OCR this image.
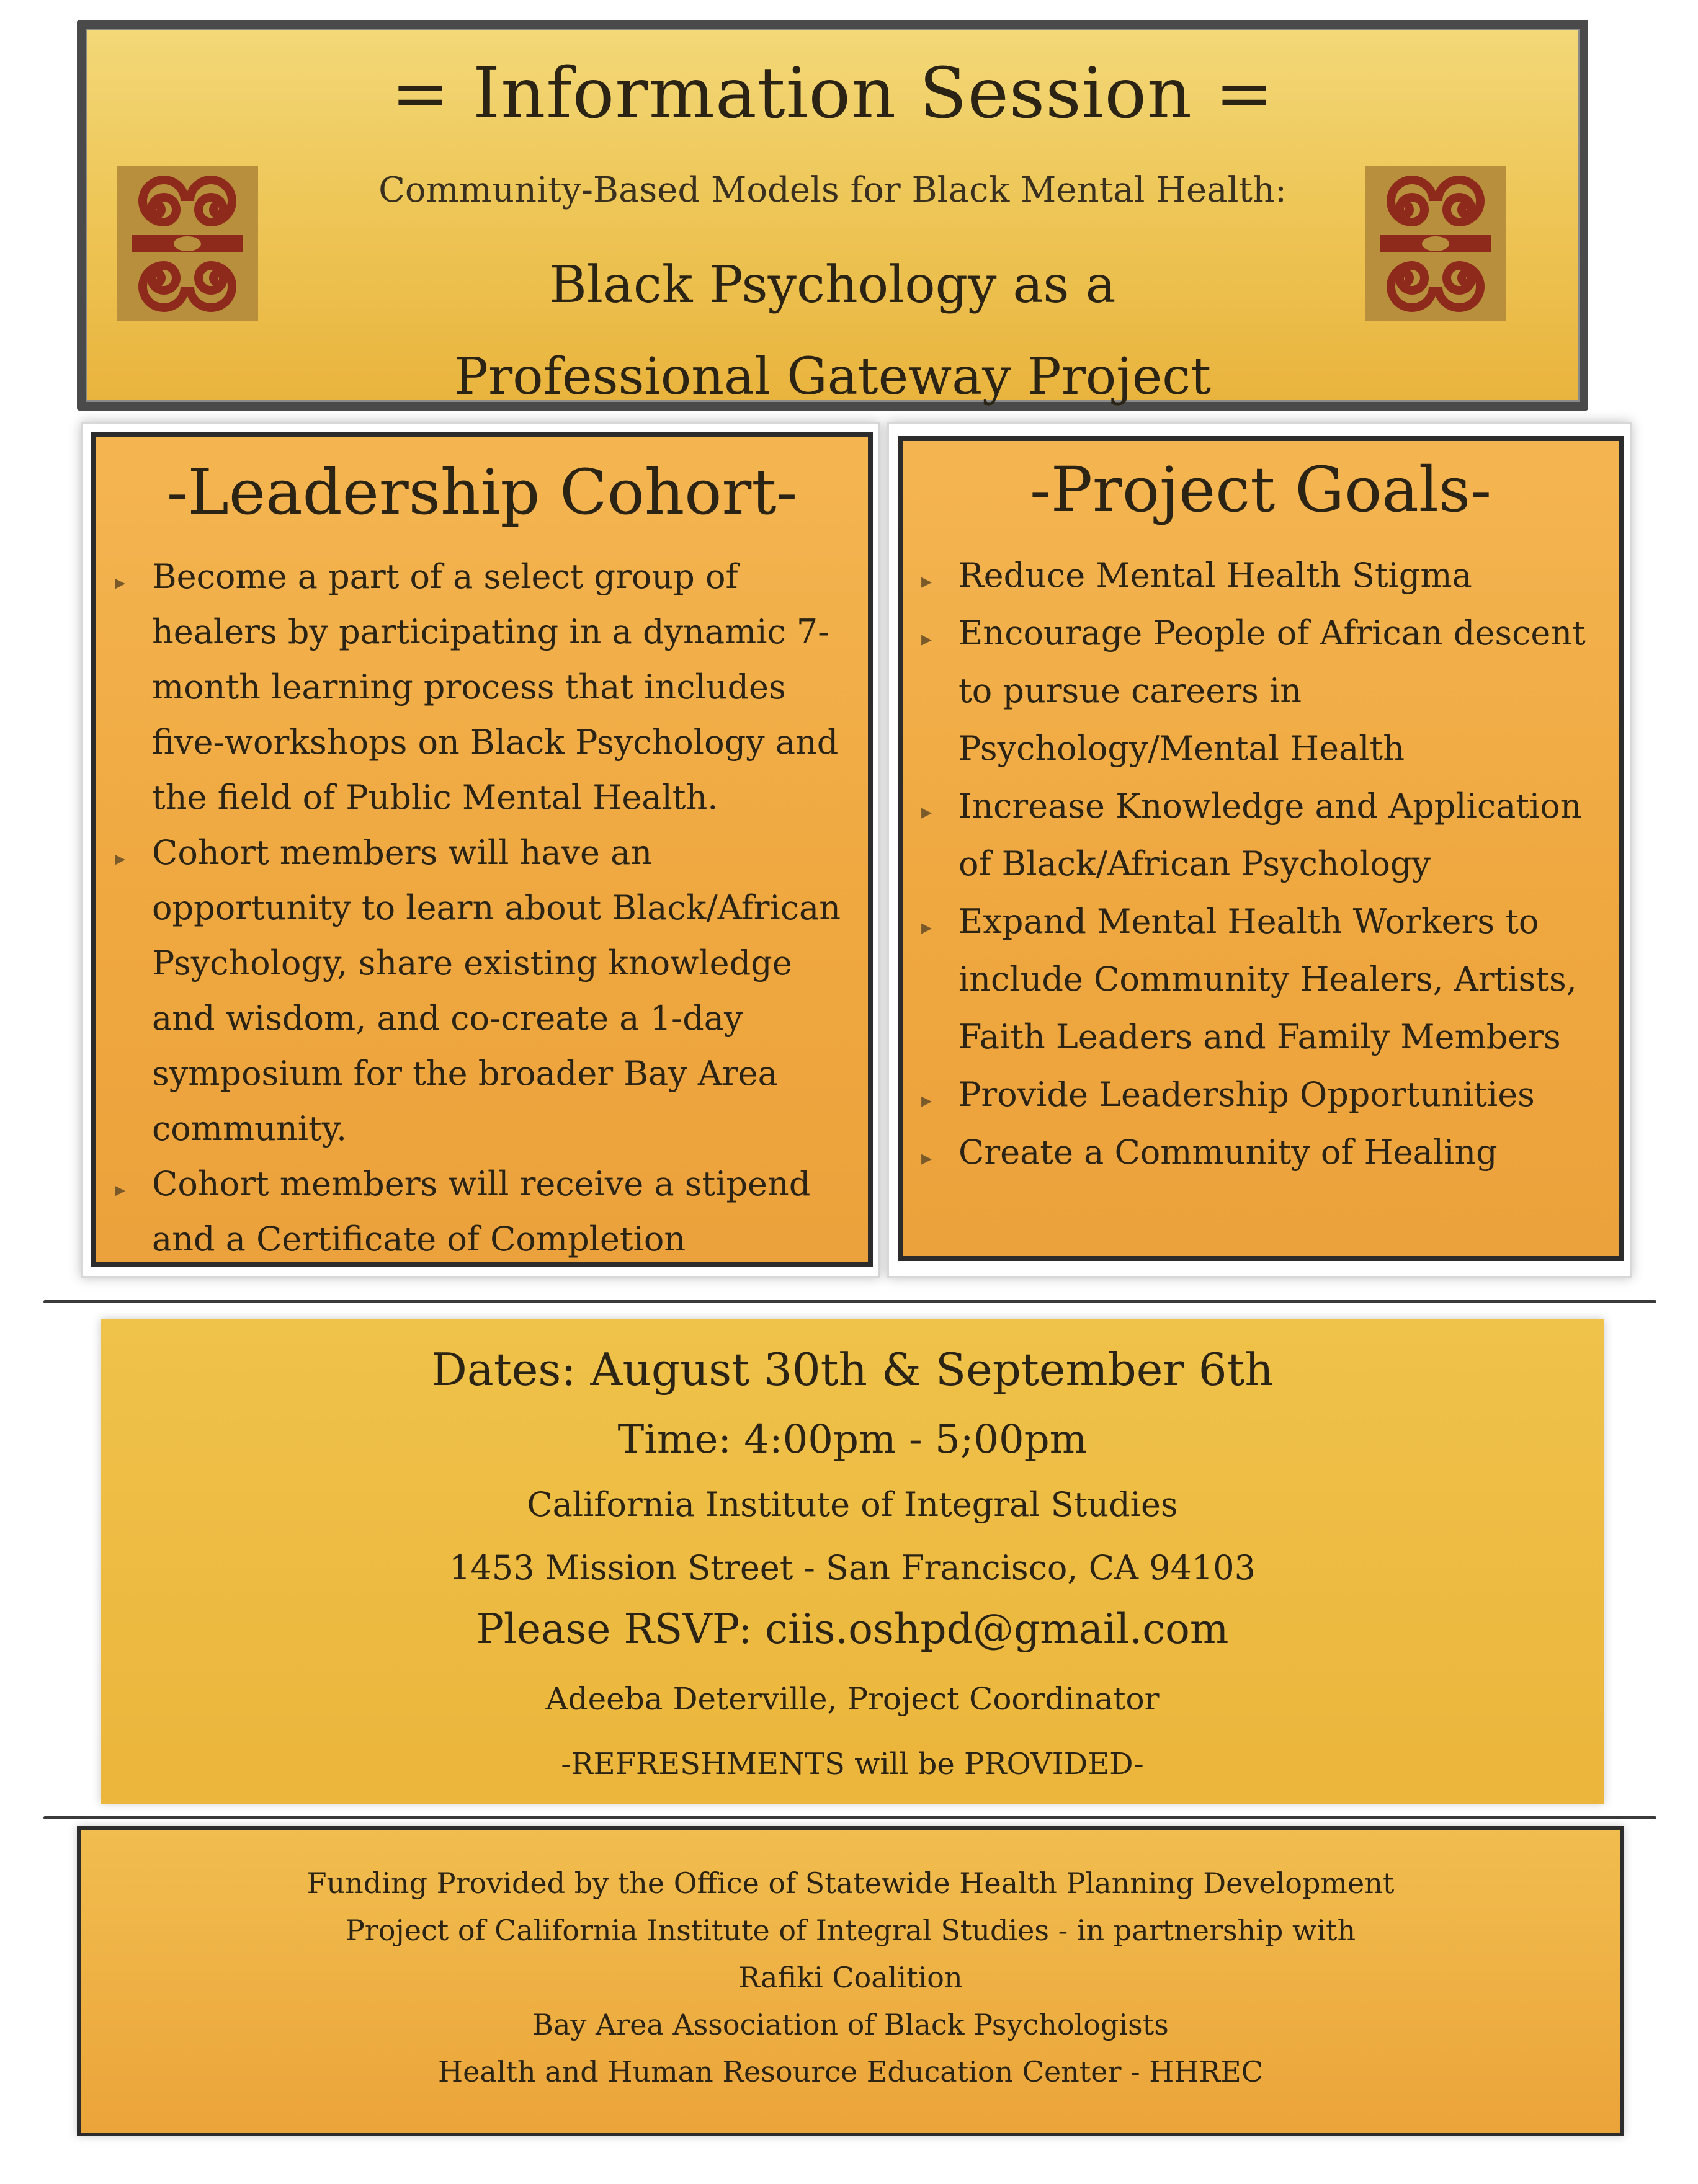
= Information Session =
Community-Based Models for Black Mental Health:
Black Psychology as a
Professional Gateway Project
-Leadership Cohort-
▸ Become a part of a select group of healers by participating in a dynamic 7-month learning process that includes five-workshops on Black Psychology and the field of Public Mental Health.
▸ Cohort members will have an opportunity to learn about Black/African Psychology, share existing knowledge and wisdom, and co-create a 1-day symposium for the broader Bay Area community.
▸ Cohort members will receive a stipend and a Certificate of Completion
-Project Goals-
▸ Reduce Mental Health Stigma
▸ Encourage People of African descent to pursue careers in Psychology/Mental Health
▸ Increase Knowledge and Application of Black/African Psychology
▸ Expand Mental Health Workers to include Community Healers, Artists, Faith Leaders and Family Members
▸ Provide Leadership Opportunities
▸ Create a Community of Healing
Dates: August 30th & September 6th
Time: 4:00pm - 5;00pm
California Institute of Integral Studies
1453 Mission Street - San Francisco, CA 94103
Please RSVP: ciis.oshpd@gmail.com
Adeeba Deterville, Project Coordinator
-REFRESHMENTS will be PROVIDED-
Funding Provided by the Office of Statewide Health Planning Development
Project of California Institute of Integral Studies - in partnership with
Rafiki Coalition
Bay Area Association of Black Psychologists
Health and Human Resource Education Center - HHREC
